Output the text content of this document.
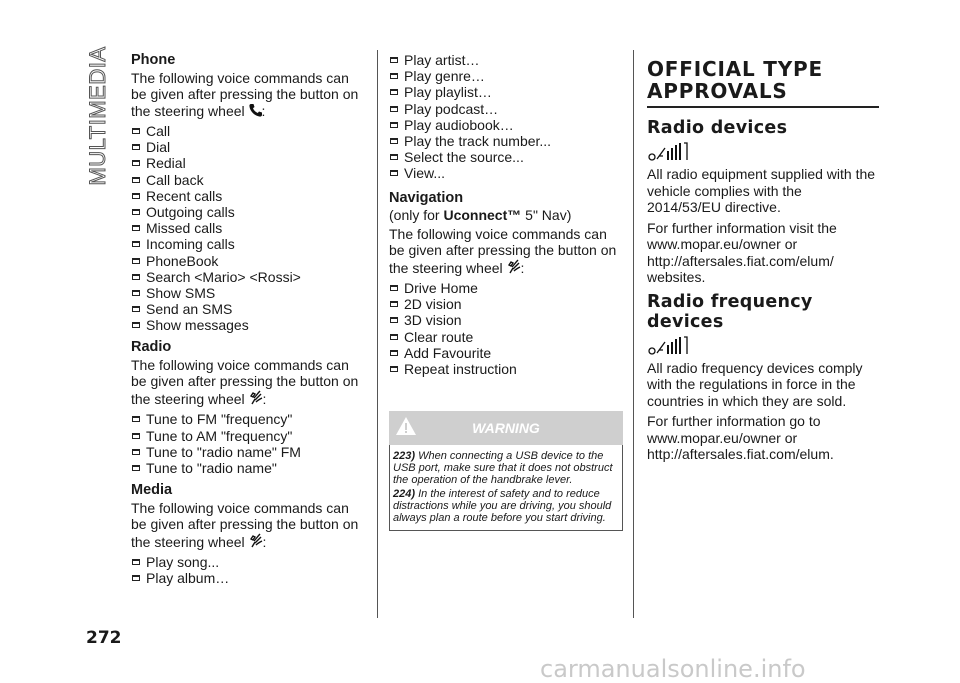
MULTIMEDIA Phone

The following voice commands can be given after pressing the button on the steering wheel :

Call
Dial
Redial
Call back
Recent calls
Outgoing calls
Missed calls
Incoming calls
PhoneBook
Search <Mario> <Rossi>
Show SMS
Send an SMS
Show messages
Radio

The following voice commands can be given after pressing the button on the steering wheel :

Tune to FM "frequency"
Tune to AM "frequency"
Tune to "radio name" FM
Tune to "radio name"
Media

The following voice commands can be given after pressing the button on the steering wheel :

Play song...
Play album…
Play artist…
Play genre…
Play playlist…
Play podcast…
Play audiobook…
Play the track number...
Select the source...
View...
Navigation

(only for Uconnect™ 5" Nav)

The following voice commands can be given after pressing the button on the steering wheel :

Drive Home
2D vision
3D vision
Clear route
Add Favourite
Repeat instruction
WARNING

223) When connecting a USB device to the USB port, make sure that it does not obstruct the operation of the handbrake lever.

224) In the interest of safety and to reduce distractions while you are driving, you should always plan a route before you start driving.

OFFICIAL TYPE APPROVALS
Radio devices

All radio equipment supplied with the vehicle complies with the 2014/53/EU directive.

For further information visit the www.mopar.eu/owner or http://aftersales.fiat.com/elum/ websites.

Radio frequency devices

All radio frequency devices comply with the regulations in force in the countries in which they are sold.

For further information go to www.mopar.eu/owner or http://aftersales.fiat.com/elum.

272
carmanualsonline.info
